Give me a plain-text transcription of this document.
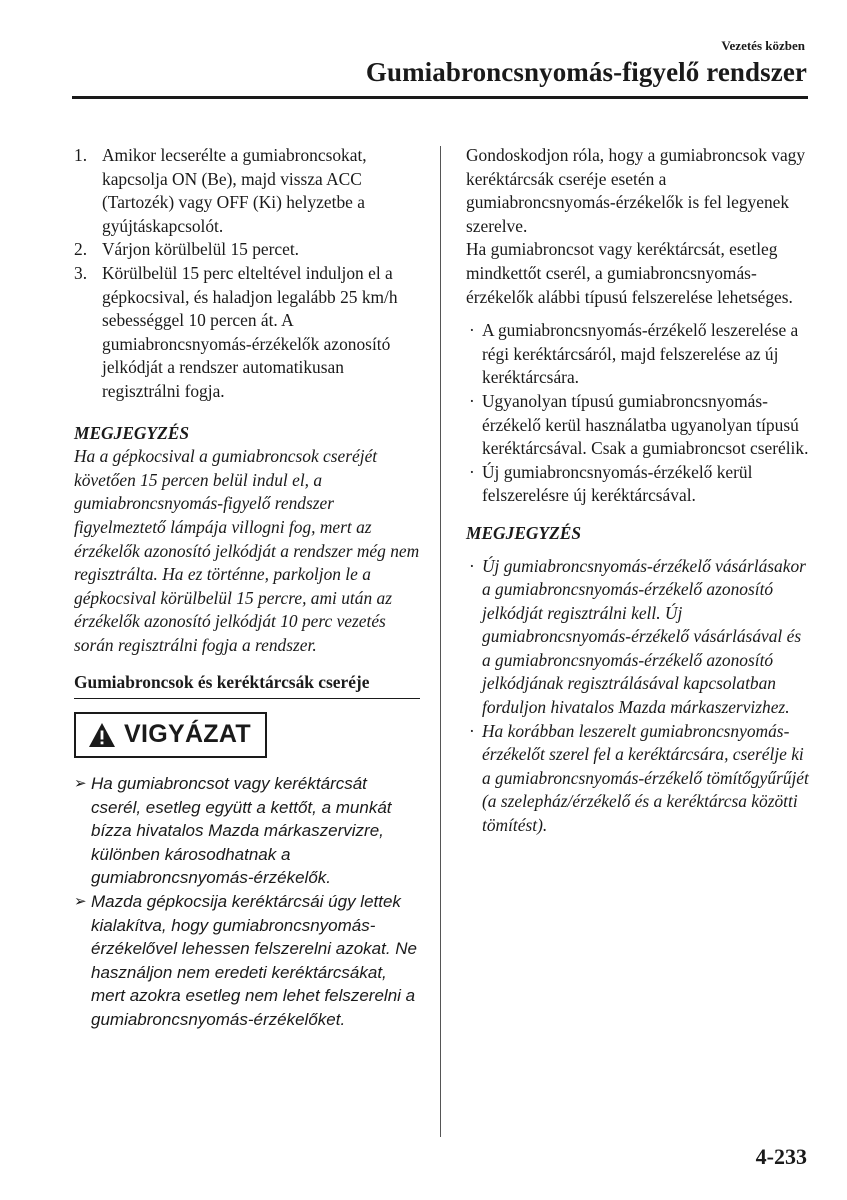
Vezetés közben
Gumiabroncsnyomás-figyelő rendszer
1. Amikor lecserélte a gumiabroncsokat, kapcsolja ON (Be), majd vissza ACC (Tartozék) vagy OFF (Ki) helyzetbe a gyújtáskapcsolót.
2. Várjon körülbelül 15 percet.
3. Körülbelül 15 perc elteltével induljon el a gépkocsival, és haladjon legalább 25 km/h sebességgel 10 percen át. A gumiabroncsnyomás-érzékelők azonosító jelkódját a rendszer automatikusan regisztrálni fogja.
MEGJEGYZÉS
Ha a gépkocsival a gumiabroncsok cseréjét követően 15 percen belül indul el, a gumiabroncsnyomás-figyelő rendszer figyelmeztető lámpája villogni fog, mert az érzékelők azonosító jelkódját a rendszer még nem regisztrálta. Ha ez történne, parkoljon le a gépkocsival körülbelül 15 percre, ami után az érzékelők azonosító jelkódját 10 perc vezetés során regisztrálni fogja a rendszer.
Gumiabroncsok és keréktárcsák cseréje
VIGYÁZAT
➢ Ha gumiabroncsot vagy keréktárcsát cserél, esetleg együtt a kettőt, a munkát bízza hivatalos Mazda márkaszervizre, különben károsodhatnak a gumiabroncsnyomás-érzékelők.
➢ Mazda gépkocsija keréktárcsái úgy lettek kialakítva, hogy gumiabroncsnyomás-érzékelővel lehessen felszerelni azokat. Ne használjon nem eredeti keréktárcsákat, mert azokra esetleg nem lehet felszerelni a gumiabroncsnyomás-érzékelőket.

Gondoskodjon róla, hogy a gumiabroncsok vagy keréktárcsák cseréje esetén a gumiabroncsnyomás-érzékelők is fel legyenek szerelve.

Ha gumiabroncsot vagy keréktárcsát, esetleg mindkettőt cserél, a gumiabroncsnyomás-érzékelők alábbi típusú felszerelése lehetséges.

· A gumiabroncsnyomás-érzékelő leszerelése a régi keréktárcsáról, majd felszerelése az új keréktárcsára.
· Ugyanolyan típusú gumiabroncsnyomás-érzékelő kerül használatba ugyanolyan típusú keréktárcsával. Csak a gumiabroncsot cserélik.
· Új gumiabroncsnyomás-érzékelő kerül felszerelésre új keréktárcsával.
MEGJEGYZÉS
· Új gumiabroncsnyomás-érzékelő vásárlásakor a gumiabroncsnyomás-érzékelő azonosító jelkódját regisztrálni kell. Új gumiabroncsnyomás-érzékelő vásárlásával és a gumiabroncsnyomás-érzékelő azonosító jelkódjának regisztrálásával kapcsolatban forduljon hivatalos Mazda márkaszervizhez.
· Ha korábban leszerelt gumiabroncsnyomás-érzékelőt szerel fel a keréktárcsára, cserélje ki a gumiabroncsnyomás-érzékelő tömítőgyűrűjét (a szelepház/érzékelő és a keréktárcsa közötti tömítést).
4-233
